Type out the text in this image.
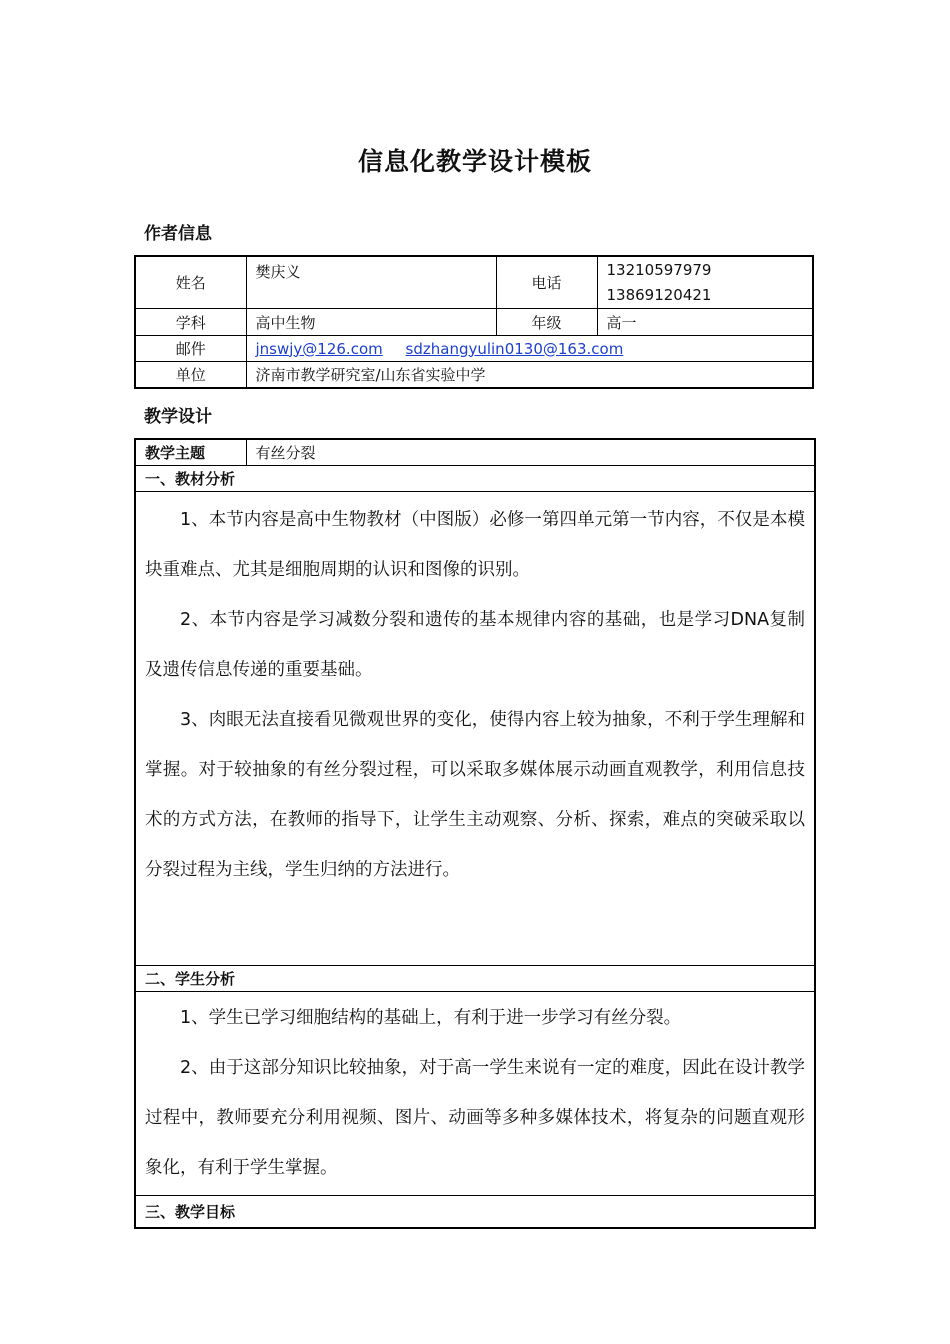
信息化教学设计模板
作者信息
姓名	樊庆义	电话	13210597979
13869120421

学科	高中生物	年级	高一
邮件	jnswjy@126.com sdzhangyulin0130@163.com		
单位	济南市教学研究室/山东省实验中学		
教学设计
教学主题	有丝分裂
一、教材分析

1、本节内容是高中生物教材（中图版）必修一第四单元第一节内容，不仅是本模块重难点、尤其是细胞周期的认识和图像的识别。

2、本节内容是学习减数分裂和遗传的基本规律内容的基础，也是学习DNA复制及遗传信息传递的重要基础。

3、肉眼无法直接看见微观世界的变化，使得内容上较为抽象，不利于学生理解和掌握。对于较抽象的有丝分裂过程，可以采取多媒体展示动画直观教学，利用信息技术的方式方法，在教师的指导下，让学生主动观察、分析、探索，难点的突破采取以分裂过程为主线，学生归纳的方法进行。

二、学生分析

1、学生已学习细胞结构的基础上，有利于进一步学习有丝分裂。

2、由于这部分知识比较抽象，对于高一学生来说有一定的难度，因此在设计教学过程中，教师要充分利用视频、图片、动画等多种多媒体技术，将复杂的问题直观形象化，有利于学生掌握。

三、教学目标
